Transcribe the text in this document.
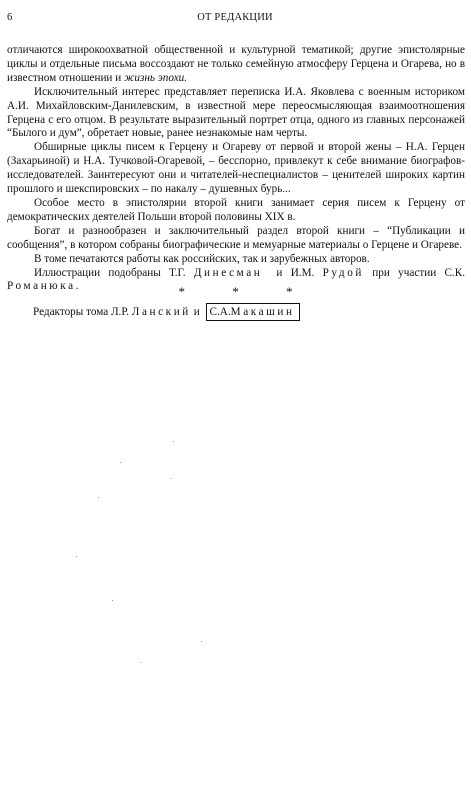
6	ОТ РЕДАКЦИИ

отличаются широкоохватной общественной и культурной тематикой; другие эпистолярные циклы и отдельные письма воссоздают не только семейную атмосферу Герцена и Огарева, но в известном отношении и жизнь эпохи.

Исключительный интерес представляет переписка И.А. Яковлева с военным историком А.И. Михайловским-Данилевским, в известной мере переосмысляющая взаимоотношения Герцена с его отцом. В результате выразительный портрет отца, одного из главных персонажей “Былого и дум”, обретает новые, ранее незнакомые нам черты.

Обширные циклы писем к Герцену и Огареву от первой и второй жены – Н.А. Герцен (Захарьиной) и Н.А. Тучковой-Огаревой, – бесспорно, привлекут к себе внимание биографов-исследователей. Заинтересуют они и читателей-неспециалистов – ценителей широких картин прошлого и шекспировских – по накалу – душевных бурь...

Особое место в эпистолярии второй книги занимает серия писем к Герцену от демократических деятелей Польши второй половины XIX в.

Богат и разнообразен и заключительный раздел второй книги – “Публикации и сообщения”, в котором собраны биографические и мемуарные материалы о Герцене и Огареве.

В томе печатаются работы как российских, так и зарубежных авторов.

Иллюстрации подобраны Т.Г. Динесман и И.М. Рудой при участии С.К. Романюка.	* * *
Редакторы тома Л.Р. Ланский и С.А.Макашин
